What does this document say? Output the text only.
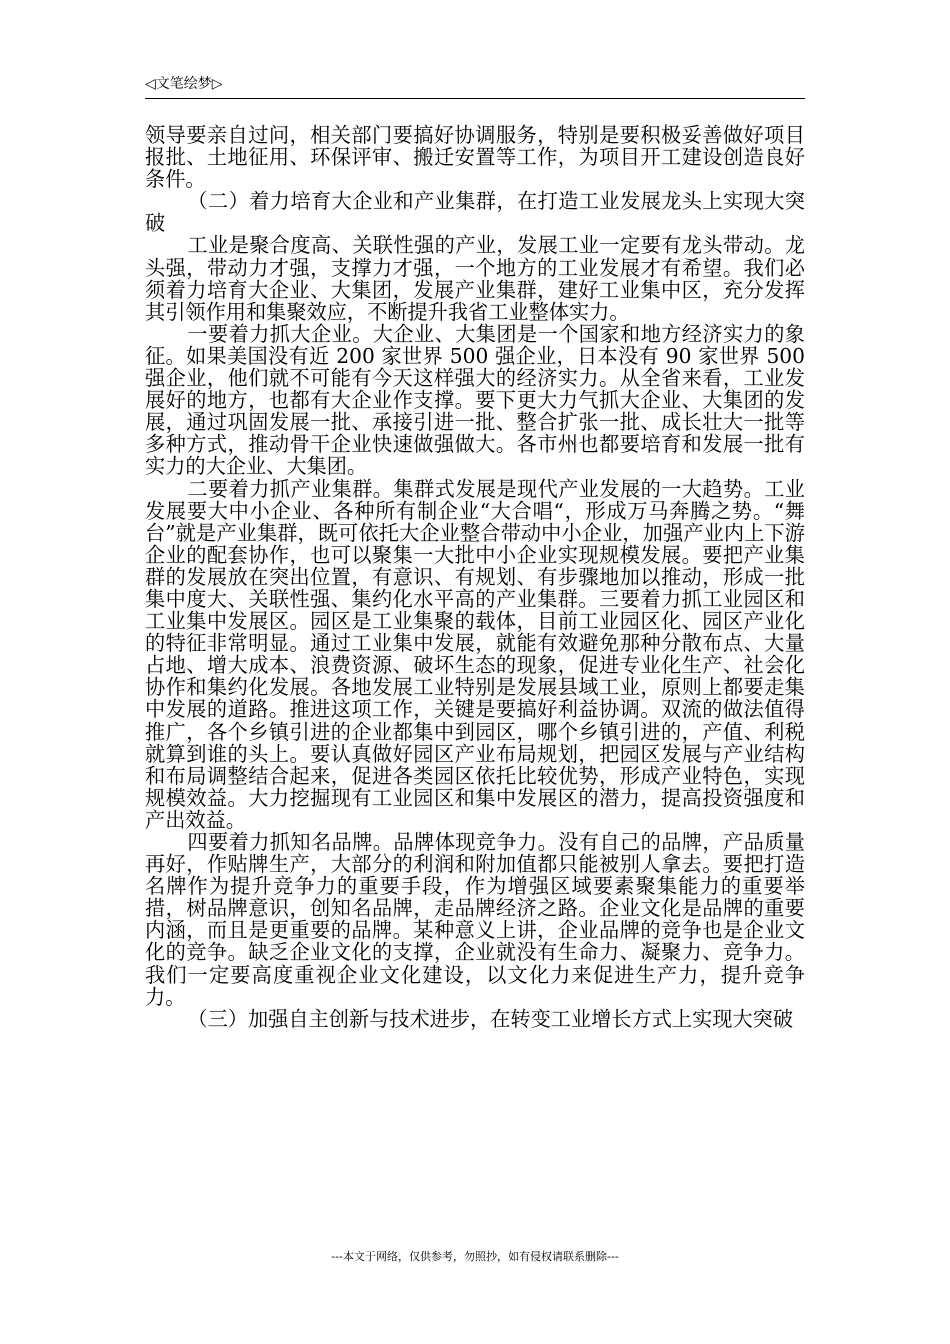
◁文笔绘梦▷

领导要亲自过问，相关部门要搞好协调服务，特别是要积极妥善做好项目报批、土地征用、环保评审、搬迁安置等工作，为项目开工建设创造良好条件。

（二）着力培育大企业和产业集群，在打造工业发展龙头上实现大突破

工业是聚合度高、关联性强的产业，发展工业一定要有龙头带动。龙头强，带动力才强，支撑力才强，一个地方的工业发展才有希望。我们必须着力培育大企业、大集团，发展产业集群，建好工业集中区，充分发挥其引领作用和集聚效应，不断提升我省工业整体实力。

一要着力抓大企业。大企业、大集团是一个国家和地方经济实力的象征。如果美国没有近 200 家世界 500 强企业，日本没有 90 家世界 500 强企业，他们就不可能有今天这样强大的经济实力。从全省来看，工业发展好的地方，也都有大企业作支撑。要下更大力气抓大企业、大集团的发展，通过巩固发展一批、承接引进一批、整合扩张一批、成长壮大一批等多种方式，推动骨干企业快速做强做大。各市州也都要培育和发展一批有实力的大企业、大集团。

二要着力抓产业集群。集群式发展是现代产业发展的一大趋势。工业发展要大中小企业、各种所有制企业“大合唱“，形成万马奔腾之势。“舞台”就是产业集群，既可依托大企业整合带动中小企业，加强产业内上下游企业的配套协作，也可以聚集一大批中小企业实现规模发展。要把产业集群的发展放在突出位置，有意识、有规划、有步骤地加以推动，形成一批集中度大、关联性强、集约化水平高的产业集群。三要着力抓工业园区和工业集中发展区。园区是工业集聚的载体，目前工业园区化、园区产业化的特征非常明显。通过工业集中发展，就能有效避免那种分散布点、大量占地、增大成本、浪费资源、破坏生态的现象，促进专业化生产、社会化协作和集约化发展。各地发展工业特别是发展县域工业，原则上都要走集中发展的道路。推进这项工作，关键是要搞好利益协调。双流的做法值得推广，各个乡镇引进的企业都集中到园区，哪个乡镇引进的，产值、利税就算到谁的头上。要认真做好园区产业布局规划，把园区发展与产业结构和布局调整结合起来，促进各类园区依托比较优势，形成产业特色，实现规模效益。大力挖掘现有工业园区和集中发展区的潜力，提高投资强度和产出效益。

四要着力抓知名品牌。品牌体现竞争力。没有自己的品牌，产品质量再好，作贴牌生产，大部分的利润和附加值都只能被别人拿去。要把打造名牌作为提升竞争力的重要手段，作为增强区域要素聚集能力的重要举措，树品牌意识，创知名品牌，走品牌经济之路。企业文化是品牌的重要内涵，而且是更重要的品牌。某种意义上讲，企业品牌的竞争也是企业文化的竞争。缺乏企业文化的支撑，企业就没有生命力、凝聚力、竞争力。我们一定要高度重视企业文化建设，以文化力来促进生产力，提升竞争力。

（三）加强自主创新与技术进步，在转变工业增长方式上实现大突破

---本文于网络，仅供参考，勿照抄，如有侵权请联系删除---
